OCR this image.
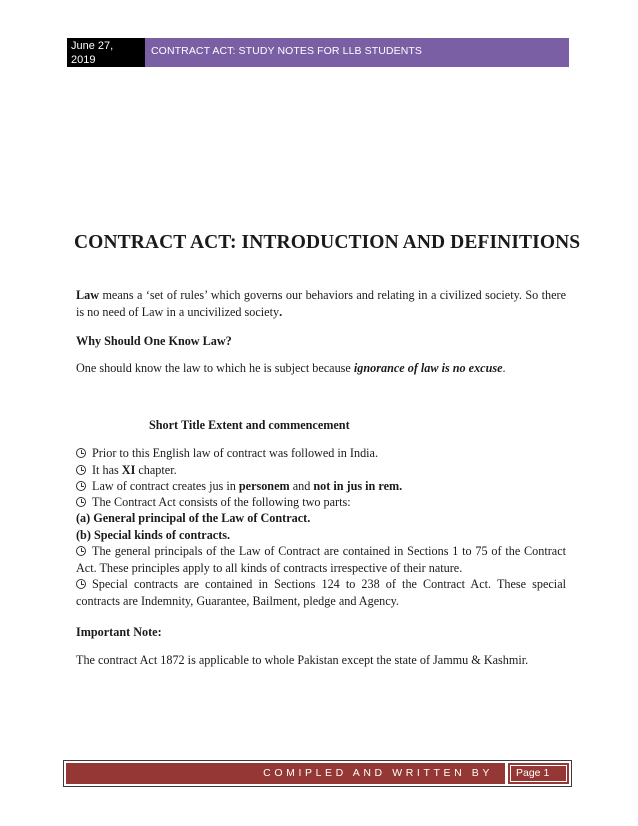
June 27,
2019
CONTRACT ACT: STUDY NOTES FOR LLB STUDENTS
CONTRACT ACT: INTRODUCTION AND DEFINITIONS
Law means a ‘set of rules’ which governs our behaviors and relating in a civilized society. So there is no need of Law in a uncivilized society.
Why Should One Know Law?
One should know the law to which he is subject because ignorance of law is no excuse.
Short Title Extent and commencement
Prior to this English law of contract was followed in India.
It has XI chapter.
Law of contract creates jus in personem and not in jus in rem.
The Contract Act consists of the following two parts:
(a) General principal of the Law of Contract.
(b) Special kinds of contracts.
The general principals of the Law of Contract are contained in Sections 1 to 75 of the Contract Act. These principles apply to all kinds of contracts irrespective of their nature.
Special contracts are contained in Sections 124 to 238 of the Contract Act. These special contracts are Indemnity, Guarantee, Bailment, pledge and Agency.
Important Note:
The contract Act 1872 is applicable to whole Pakistan except the state of Jammu & Kashmir.
COMIPLED AND WRITTEN BY	Page 1
